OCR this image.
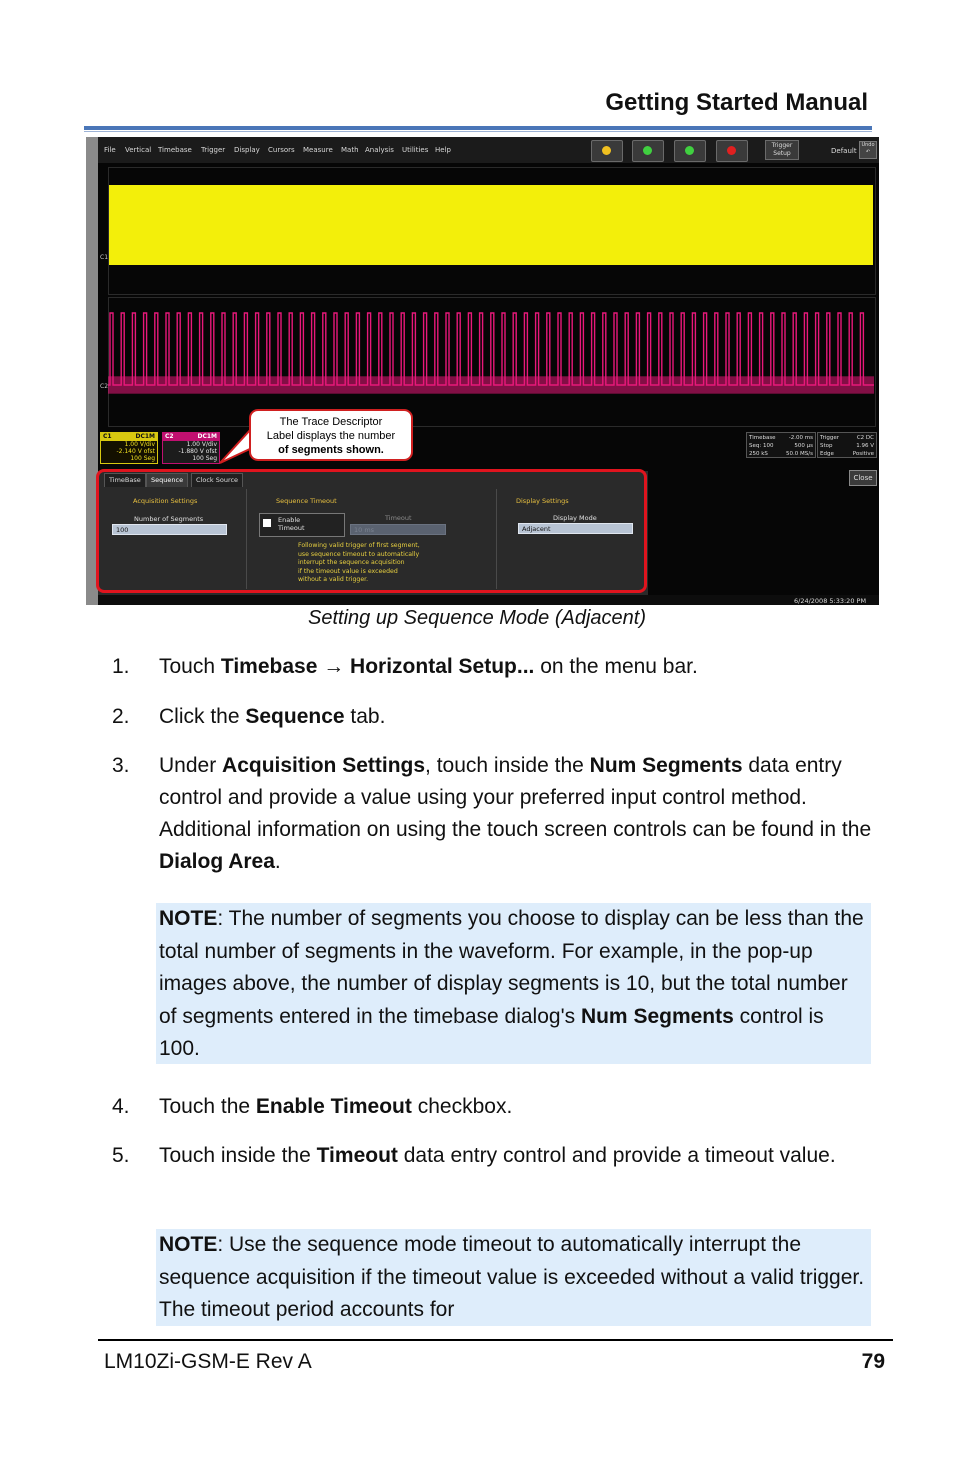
Getting Started Manual
File Vertical Timebase Trigger Display Cursors Measure Math Analysis Utilities Help
Trigger
Setup	Default
Undo
↶
C1
C2
C1	DC1M
1.00 V/div
-2.140 V ofst
100 Seg
C2	DC1M
1.00 V/div
-1.880 V ofst
100 Seg
The Trace Descriptor
Label displays the number
of segments shown.
Timebase -2.00 ms
Seq: 100	500 µs
250 kS	50.0 MS/s
Trigger	C2 DC
Stop	1.96 V
Edge	Positive
Close
TimeBase	Sequence	Clock Source
Acquisition Settings
Number of Segments
100
Sequence Timeout
Enable
Timeout
Timeout
10 ms
Following valid trigger of first segment,
use sequence timeout to automatically
interrupt the sequence acquisition
if the timeout value is exceeded
without a valid trigger.
Display Settings
Display Mode
Adjacent
6/24/2008 5:33:20 PM
Setting up Sequence Mode (Adjacent)
1.	Touch Timebase → Horizontal Setup... on the menu bar.
2.	Click the Sequence tab.
3.	Under Acquisition Settings, touch inside the Num Segments data entry control and provide a value using your preferred input control method. Additional information on using the touch screen controls can be found in the Dialog Area.
NOTE: The number of segments you choose to display can be less than the total number of segments in the waveform. For example, in the pop-up images above, the number of display segments is 10, but the total number of segments entered in the timebase dialog's Num Segments control is 100.
4.	Touch the Enable Timeout checkbox.
5.	Touch inside the Timeout data entry control and provide a timeout value.
NOTE: Use the sequence mode timeout to automatically interrupt the sequence acquisition if the timeout value is exceeded without a valid trigger. The timeout period accounts for
LM10Zi-GSM-E Rev A	79
